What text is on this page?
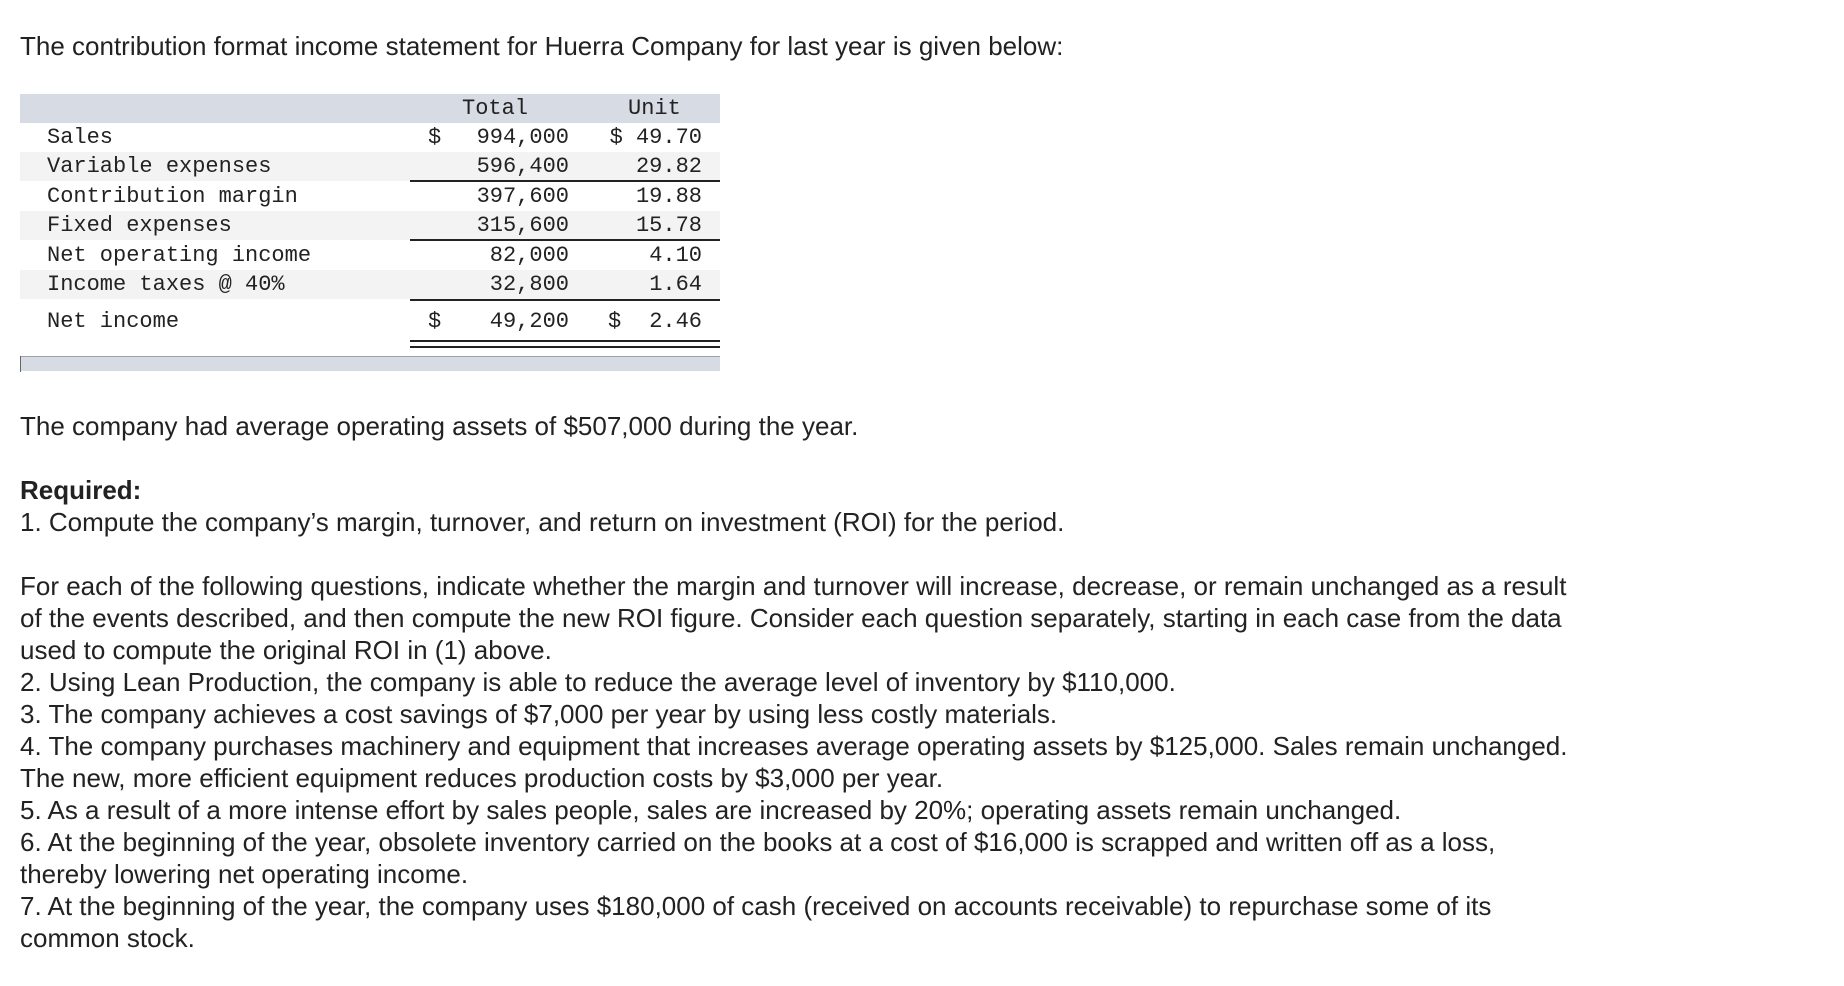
The contribution format income statement for Huerra Company for last year is given below:

Total	Unit
Sales	$ 994,000 $ 49.70
Variable expenses	596,400	29.82
Contribution margin	397,600	19.88
Fixed expenses	315,600	15.78
Net operating income	82,000	4.10
Income taxes @ 40%	32,800	1.64
Net income	$ 49,200 $ 2.46

The company had average operating assets of $507,000 during the year.

Required:

1. Compute the company’s margin, turnover, and return on investment (ROI) for the period.

For each of the following questions, indicate whether the margin and turnover will increase, decrease, or remain unchanged as a result

of the events described, and then compute the new ROI figure. Consider each question separately, starting in each case from the data

used to compute the original ROI in (1) above.

2. Using Lean Production, the company is able to reduce the average level of inventory by $110,000.

3. The company achieves a cost savings of $7,000 per year by using less costly materials.

4. The company purchases machinery and equipment that increases average operating assets by $125,000. Sales remain unchanged.

The new, more efficient equipment reduces production costs by $3,000 per year.

5. As a result of a more intense effort by sales people, sales are increased by 20%; operating assets remain unchanged.

6. At the beginning of the year, obsolete inventory carried on the books at a cost of $16,000 is scrapped and written off as a loss,

thereby lowering net operating income.

7. At the beginning of the year, the company uses $180,000 of cash (received on accounts receivable) to repurchase some of its

common stock.
